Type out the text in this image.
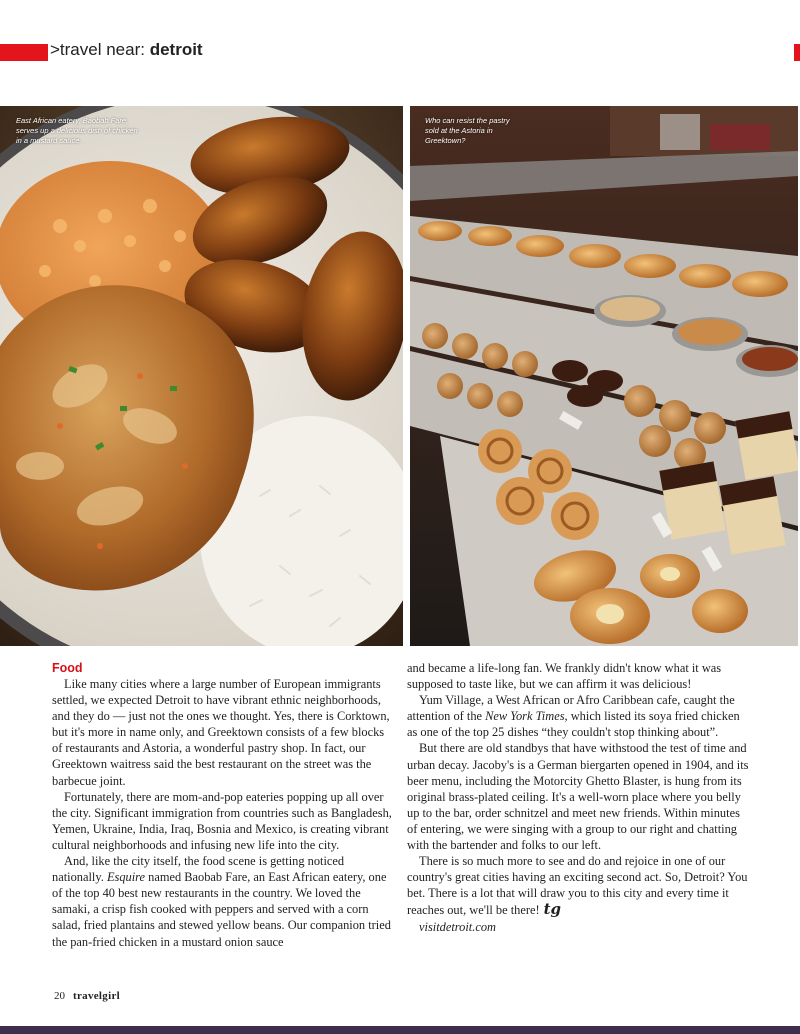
>travel near: detroit
East African eatery, Baobab Fare, serves up a delicious dish of chicken in a mustard sauce.
Who can resist the pastry sold at the Astoria in Greektown?
Food

Like many cities where a large number of European immigrants settled, we expected Detroit to have vibrant ethnic neighborhoods, and they do — just not the ones we thought. Yes, there is Corktown, but it's more in name only, and Greektown consists of a few blocks of restaurants and Astoria, a wonderful pastry shop. In fact, our Greektown waitress said the best restaurant on the street was the barbecue joint.

Fortunately, there are mom-and-pop eateries popping up all over the city. Significant immigration from countries such as Bangladesh, Yemen, Ukraine, India, Iraq, Bosnia and Mexico, is creating vibrant cultural neighborhoods and infusing new life into the city.

And, like the city itself, the food scene is getting noticed nationally. Esquire named Baobab Fare, an East African eatery, one of the top 40 best new restaurants in the country. We loved the samaki, a crisp fish cooked with peppers and served with a corn salad, fried plantains and stewed yellow beans. Our companion tried the pan-fried chicken in a mustard onion sauce

and became a life-long fan. We frankly didn't know what it was supposed to taste like, but we can affirm it was delicious!

Yum Village, a West African or Afro Caribbean cafe, caught the attention of the New York Times, which listed its soya fried chicken as one of the top 25 dishes “they couldn't stop thinking about”.

But there are old standbys that have withstood the test of time and urban decay. Jacoby's is a German biergarten opened in 1904, and its beer menu, including the Motorcity Ghetto Blaster, is hung from its original brass-plated ceiling. It's a well-worn place where you belly up to the bar, order schnitzel and meet new friends. Within minutes of entering, we were singing with a group to our right and chatting with the bartender and folks to our left.

There is so much more to see and do and rejoice in one of our country's great cities having an exciting second act. So, Detroit? You bet. There is a lot that will draw you to this city and every time it reaches out, we'll be there! tg

visitdetroit.com

20 travelgirl
